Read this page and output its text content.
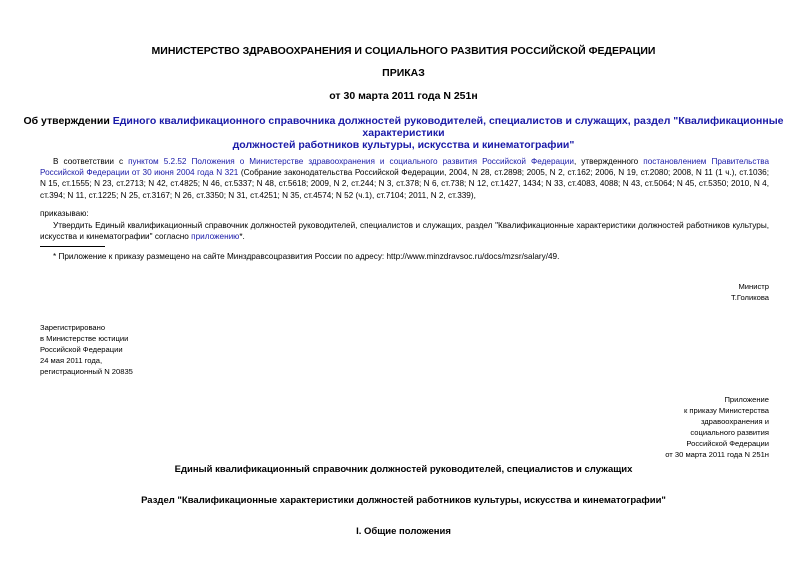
МИНИСТЕРСТВО ЗДРАВООХРАНЕНИЯ И СОЦИАЛЬНОГО РАЗВИТИЯ РОССИЙСКОЙ ФЕДЕРАЦИИ
ПРИКАЗ
от 30 марта 2011 года N 251н
Об утверждении Единого квалификационного справочника должностей руководителей, специалистов и служащих, раздел "Квалификационные характеристики
должностей работников культуры, искусства и кинематографии"
В соответствии с пунктом 5.2.52 Положения о Министерстве здравоохранения и социального развития Российской Федерации, утвержденного постановлением Правительства Российской Федерации от 30 июня 2004 года N 321 (Собрание законодательства Российской Федерации, 2004, N 28, ст.2898; 2005, N 2, ст.162; 2006, N 19, ст.2080; 2008, N 11 (1 ч.), ст.1036; N 15, ст.1555; N 23, ст.2713; N 42, ст.4825; N 46, ст.5337; N 48, ст.5618; 2009, N 2, ст.244; N 3, ст.378; N 6, ст.738; N 12, ст.1427, 1434; N 33, ст.4083, 4088; N 43, ст.5064; N 45, ст.5350; 2010, N 4, ст.394; N 11, ст.1225; N 25, ст.3167; N 26, ст.3350; N 31, ст.4251; N 35, ст.4574; N 52 (ч.1), ст.7104; 2011, N 2, ст.339),
приказываю:
Утвердить Единый квалификационный справочник должностей руководителей, специалистов и служащих, раздел "Квалификационные характеристики должностей работников культуры, искусства и кинематографии" согласно приложению*.
* Приложение к приказу размещено на сайте Минздравсоцразвития России по адресу: http://www.minzdravsoc.ru/docs/mzsr/salary/49.
Министр
Т.Голикова
Зарегистрировано
в Министерстве юстиции
Российской Федерации
24 мая 2011 года,
регистрационный N 20835
Приложение
к приказу Министерства
здравоохранения и
социального развития
Российской Федерации
от 30 марта 2011 года N 251н
Единый квалификационный справочник должностей руководителей, специалистов и служащих
Раздел "Квалификационные характеристики должностей работников культуры, искусства и кинематографии"
I. Общие положения
